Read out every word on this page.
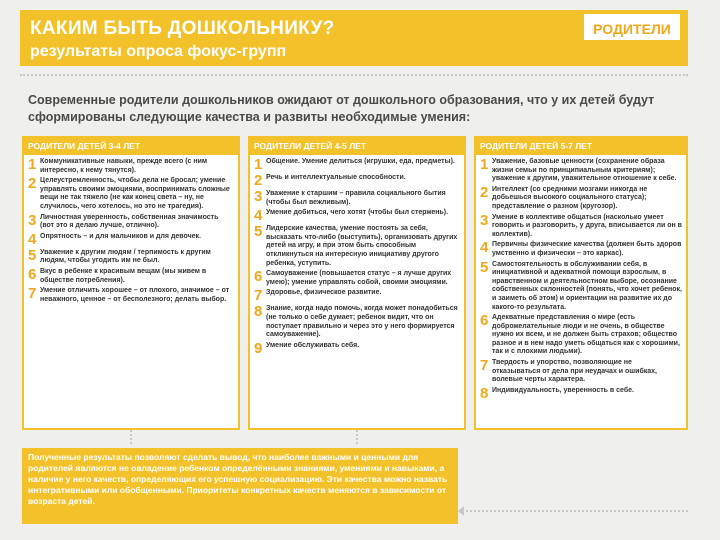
КАКИМ БЫТЬ ДОШКОЛЬНИКУ?
результаты опроса фокус-групп
РОДИТЕЛИ
Современные родители дошкольников ожидают от дошкольного образования, что у их детей будут сформированы следующие качества и развиты необходимые умения:
РОДИТЕЛИ ДЕТЕЙ 3-4 ЛЕТ
1 Коммуникативные навыки, прежде всего (с ним интересно, к нему тянутся).
2 Целеустремленность, чтобы дела не бросал; умение управлять своими эмоциями, воспринимать сложные вещи не так тяжело (не как конец света – ну, не случилось, чего хотелось, но это не трагедия).
3 Личностная уверенность, собственная значимость (вот это я делаю лучше, отлично).
4 Опрятность – и для мальчиков и для девочек.
5 Уважение к другим людям / терпимость к другим людям, чтобы угодить им не был.
6 Вкус в ребенке к красивым вещам (мы живем в обществе потребления).
7 Умение отличить хорошее – от плохого, значимое – от неважного, ценное – от бесполезного; делать выбор.
РОДИТЕЛИ ДЕТЕЙ 4-5 ЛЕТ
1 Общение. Умение делиться (игрушки, еда, предметы).
2 Речь и интеллектуальные способности.
3 Уважение к старшим – правила социального бытия (чтобы был вежливым).
4 Умение добиться, чего хотят (чтобы был стержень).
5 Лидерские качества, умение постоять за себя, высказать что-либо (выступить), организовать других детей на игру, и при этом быть способным откликнуться на интересную инициативу другого ребенка, уступить.
6 Самоуважение (повышается статус – я лучше других умею); умение управлять собой, своими эмоциями.
7 Здоровье, физическое развитие.
8 Знание, когда надо помочь, когда может понадобиться (не только о себе думает; ребенок видит, что он поступает правильно и через это у него формируется самоуважение).
9 Умение обслуживать себя.
РОДИТЕЛИ ДЕТЕЙ 5-7 ЛЕТ
1 Уважение, базовые ценности (сохранение образа жизни семьи по принципиальным критериям); уважение к другим, уважительное отношение к себе.
2 Интеллект (со средними мозгами никогда не добьешься высокого социального статуса); представление о разном (кругозор).
3 Умение в коллективе общаться (насколько умеет говорить и разговорить, у друга, вписывается ли он в коллектив).
4 Первичны физические качества (должен быть здоров умственно и физически – это каркас).
5 Самостоятельность в обслуживании себя, в инициативной и адекватной помощи взрослым, в нравственном и деятельностном выборе, осознание собственных склонностей (понять, что хочет ребенок, и заиметь об этом) и ориентации на развитие их до какого-то результата.
6 Адекватные представления о мире (есть доброжелательные люди и не очень, в обществе нужно их всем, и не должен быть страхов; общество разное и в нем надо уметь общаться как с хорошими, так и с плохими людьми).
7 Твердость и упорство, позволяющие не отказываться от дела при неудачах и ошибках, волевые черты характера.
8 Индивидуальность, уверенность в себе.
Полученные результаты позволяют сделать вывод, что наиболее важными и ценными для родителей являются не овладение ребенком определёнными знаниями, умениями и навыками, а наличие у него качеств, определяющих его успешную социализацию. Эти качества можно назвать интегративными или обобщенными. Приоритеты конкретных качеств меняются в зависимости от возраста детей.
